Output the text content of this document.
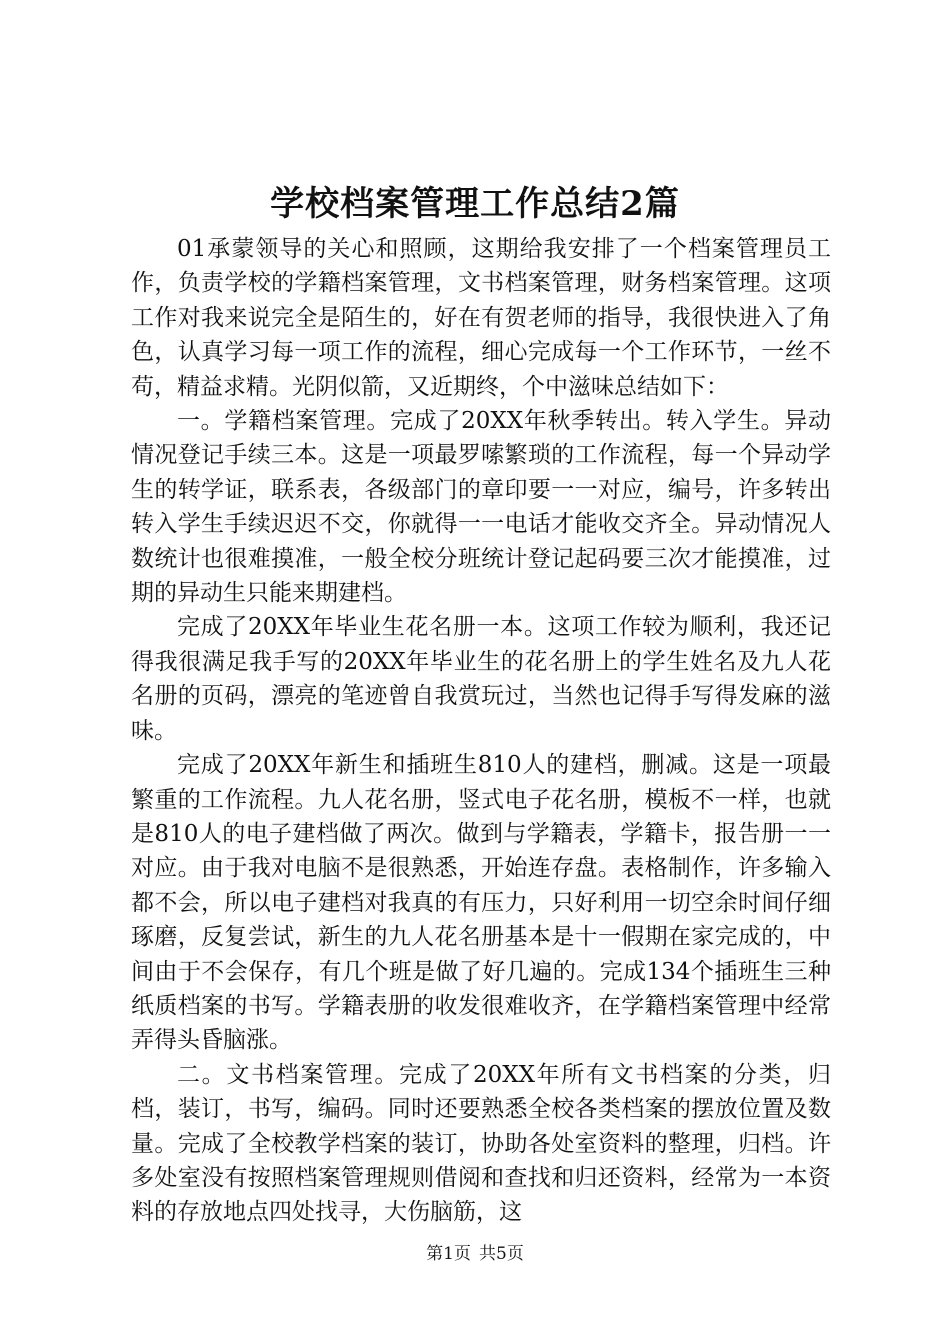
学校档案管理工作总结2篇

01承蒙领导的关心和照顾，这期给我安排了一个档案管理员工作，负责学校的学籍档案管理，文书档案管理，财务档案管理。这项工作对我来说完全是陌生的，好在有贺老师的指导，我很快进入了角色，认真学习每一项工作的流程，细心完成每一个工作环节，一丝不苟，精益求精。光阴似箭，又近期终，个中滋味总结如下：

一。学籍档案管理。完成了20XX年秋季转出。转入学生。异动情况登记手续三本。这是一项最罗嗦繁琐的工作流程，每一个异动学生的转学证，联系表，各级部门的章印要一一对应，编号，许多转出转入学生手续迟迟不交，你就得一一电话才能收交齐全。异动情况人数统计也很难摸准，一般全校分班统计登记起码要三次才能摸准，过期的异动生只能来期建档。

完成了20XX年毕业生花名册一本。这项工作较为顺利，我还记得我很满足我手写的20XX年毕业生的花名册上的学生姓名及九人花名册的页码，漂亮的笔迹曾自我赏玩过，当然也记得手写得发麻的滋味。

完成了20XX年新生和插班生810人的建档，删减。这是一项最繁重的工作流程。九人花名册，竖式电子花名册，模板不一样，也就是810人的电子建档做了两次。做到与学籍表，学籍卡，报告册一一对应。由于我对电脑不是很熟悉，开始连存盘。表格制作，许多输入都不会，所以电子建档对我真的有压力，只好利用一切空余时间仔细琢磨，反复尝试，新生的九人花名册基本是十一假期在家完成的，中间由于不会保存，有几个班是做了好几遍的。完成134个插班生三种纸质档案的书写。学籍表册的收发很难收齐，在学籍档案管理中经常弄得头昏脑涨。

二。文书档案管理。完成了20XX年所有文书档案的分类，归档，装订，书写，编码。同时还要熟悉全校各类档案的摆放位置及数量。完成了全校教学档案的装订，协助各处室资料的整理，归档。许多处室没有按照档案管理规则借阅和查找和归还资料，经常为一本资料的存放地点四处找寻，大伤脑筋，这

第1页 共5页
